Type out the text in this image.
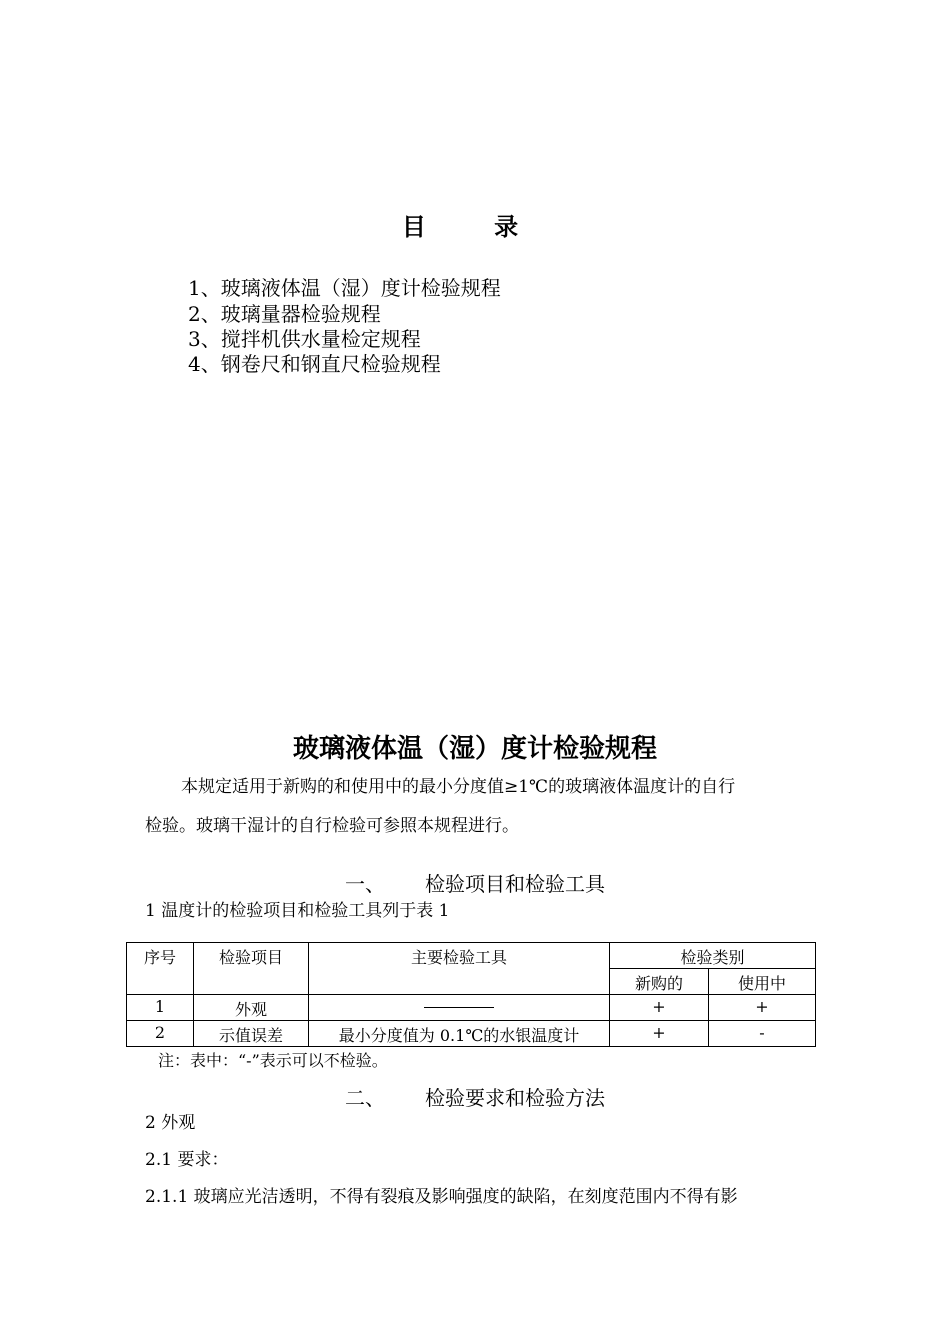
目 录
1、玻璃液体温（湿）度计检验规程
2、玻璃量器检验规程
3、搅拌机供水量检定规程
4、钢卷尺和钢直尺检验规程
玻璃液体温（湿）度计检验规程
本规定适用于新购的和使用中的最小分度值≥1℃的玻璃液体温度计的自行
检验。玻璃干湿计的自行检验可参照本规程进行。
一、 检验项目和检验工具
1 温度计的检验项目和检验工具列于表 1
序号	检验项目	主要检验工具	检验类别	
			新购的	使用中
1	外观		+	+
2	示值误差	最小分度值为 0.1℃的水银温度计	+	-
注：表中：“-”表示可以不检验。
二、 检验要求和检验方法
2 外观
2.1 要求：
2.1.1 玻璃应光洁透明，不得有裂痕及影响强度的缺陷，在刻度范围内不得有影
